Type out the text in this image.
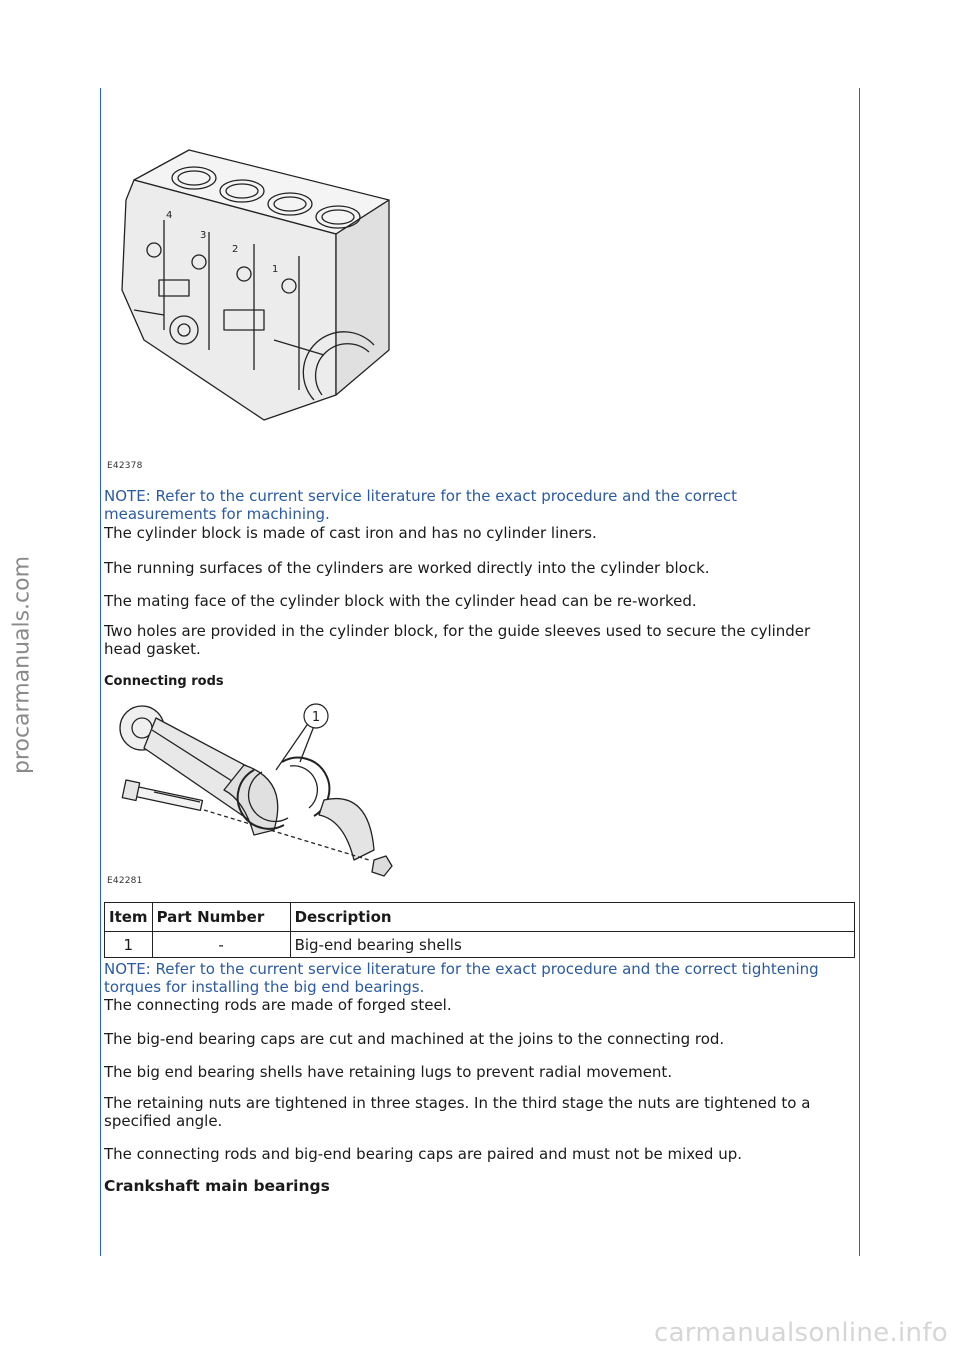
procarmanuals.com
4
3
2
1
E42378

NOTE: Refer to the current service literature for the exact procedure and the correct measurements for machining.

The cylinder block is made of cast iron and has no cylinder liners.

The running surfaces of the cylinders are worked directly into the cylinder block.

The mating face of the cylinder block with the cylinder head can be re-worked.

Two holes are provided in the cylinder block, for the guide sleeves used to secure the cylinder head gasket.

Connecting rods

1
E42281
Item	Part Number	Description
1	-	Big-end bearing shells

NOTE: Refer to the current service literature for the exact procedure and the correct tightening torques for installing the big end bearings.

The connecting rods are made of forged steel.

The big-end bearing caps are cut and machined at the joins to the connecting rod.

The big end bearing shells have retaining lugs to prevent radial movement.

The retaining nuts are tightened in three stages. In the third stage the nuts are tightened to a specified angle.

The connecting rods and big-end bearing caps are paired and must not be mixed up.

Crankshaft main bearings

carmanualsonline.info
